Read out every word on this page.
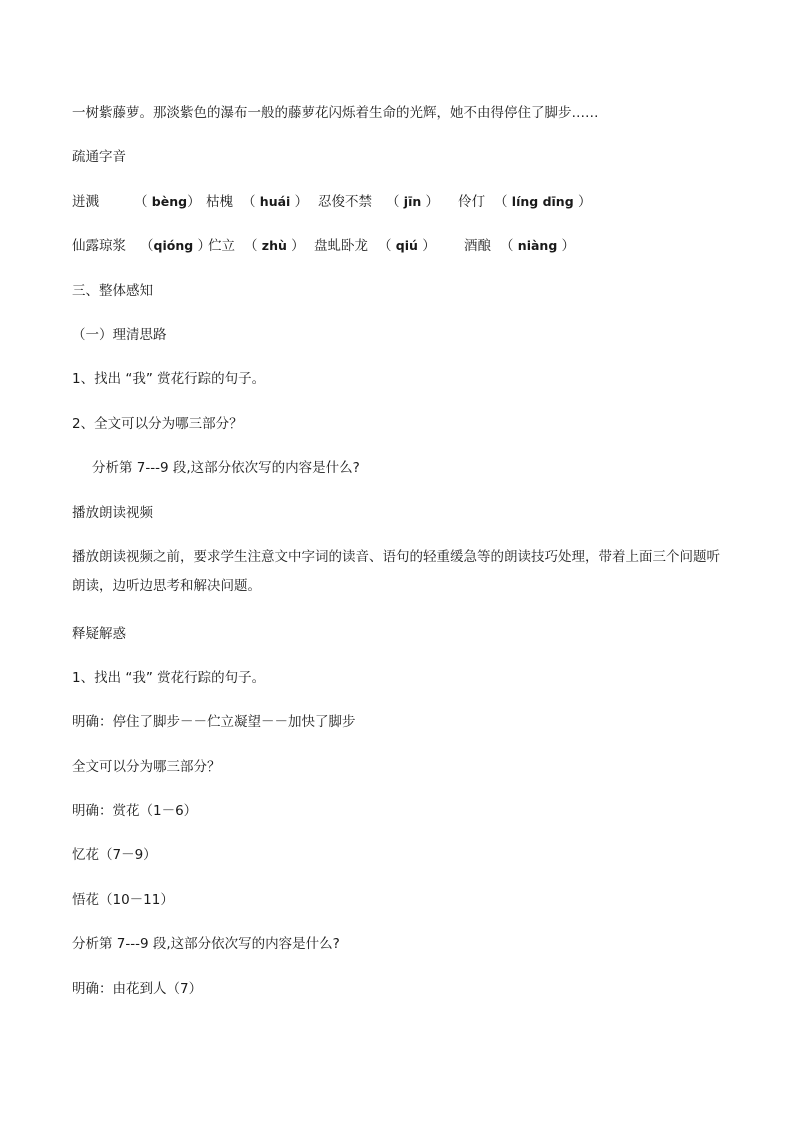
一树紫藤萝。那淡紫色的瀑布一般的藤萝花闪烁着生命的光辉，她不由得停住了脚步……
疏通字音
迸溅	（ bèng） 枯槐 （ huái ） 忍俊不禁 （ jīn ） 伶仃 （ líng dīng ）
仙露琼浆 （qióng ）伫立 （ zhù ） 盘虬卧龙 （ qiú ） 酒酿 （ niàng ）
三、整体感知
（一）理清思路
1、找出 “我” 赏花行踪的句子。
2、全文可以分为哪三部分？
分析第 7---9 段,这部分依次写的内容是什么?
播放朗读视频
播放朗读视频之前，要求学生注意文中字词的读音、语句的轻重缓急等的朗读技巧处理，带着上面三个问题听朗读，边听边思考和解决问题。
释疑解惑
1、找出 “我” 赏花行踪的句子。
明确：停住了脚步－－伫立凝望－－加快了脚步
全文可以分为哪三部分？
明确：赏花（1－6）
忆花（7－9）
悟花（10－11）
分析第 7---9 段,这部分依次写的内容是什么?
明确：由花到人（7）
